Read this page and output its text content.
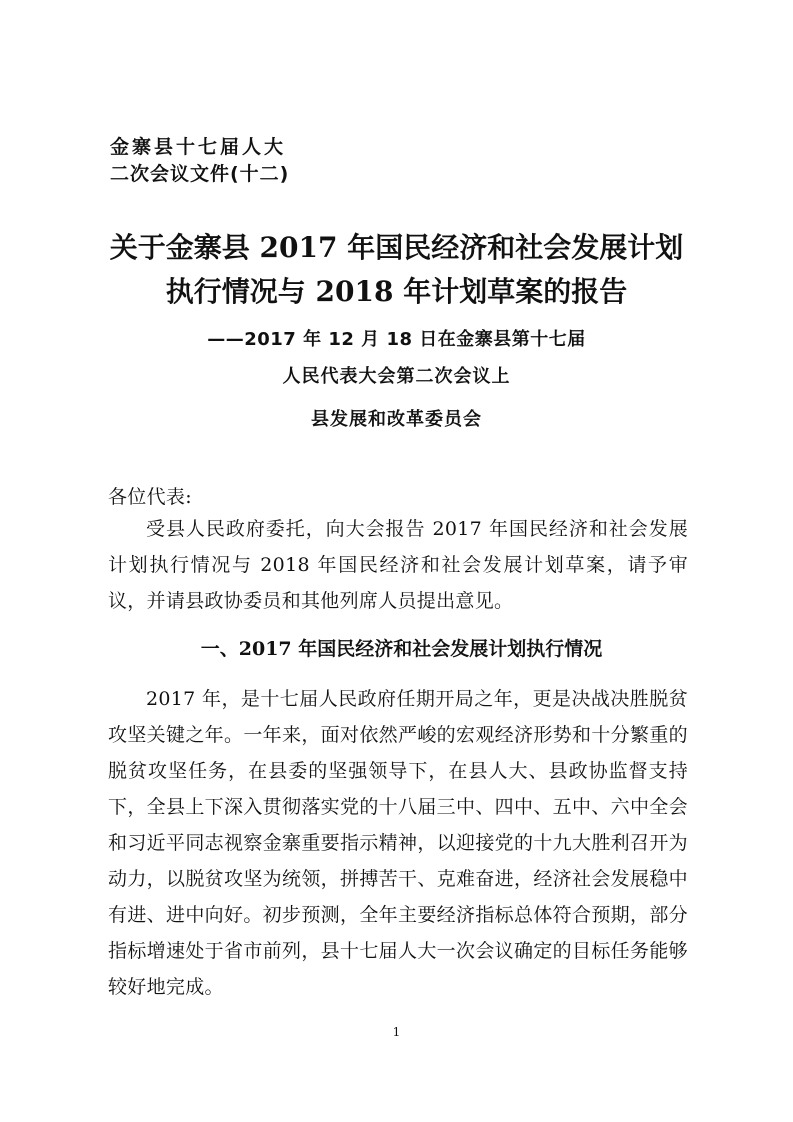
金寨县十七届人大
二次会议文件(十二)
关于金寨县 2017 年国民经济和社会发展计划
执行情况与 2018 年计划草案的报告
——2017 年 12 月 18 日在金寨县第十七届
人民代表大会第二次会议上
县发展和改革委员会
各位代表:
受县人民政府委托，向大会报告 2017 年国民经济和社会发展计划执行情况与 2018 年国民经济和社会发展计划草案，请予审议，并请县政协委员和其他列席人员提出意见。
一、2017 年国民经济和社会发展计划执行情况
2017 年，是十七届人民政府任期开局之年，更是决战决胜脱贫攻坚关键之年。一年来，面对依然严峻的宏观经济形势和十分繁重的脱贫攻坚任务，在县委的坚强领导下，在县人大、县政协监督支持下，全县上下深入贯彻落实党的十八届三中、四中、五中、六中全会和习近平同志视察金寨重要指示精神，以迎接党的十九大胜利召开为动力，以脱贫攻坚为统领，拼搏苦干、克难奋进，经济社会发展稳中有进、进中向好。初步预测，全年主要经济指标总体符合预期，部分指标增速处于省市前列，县十七届人大一次会议确定的目标任务能够较好地完成。
1
